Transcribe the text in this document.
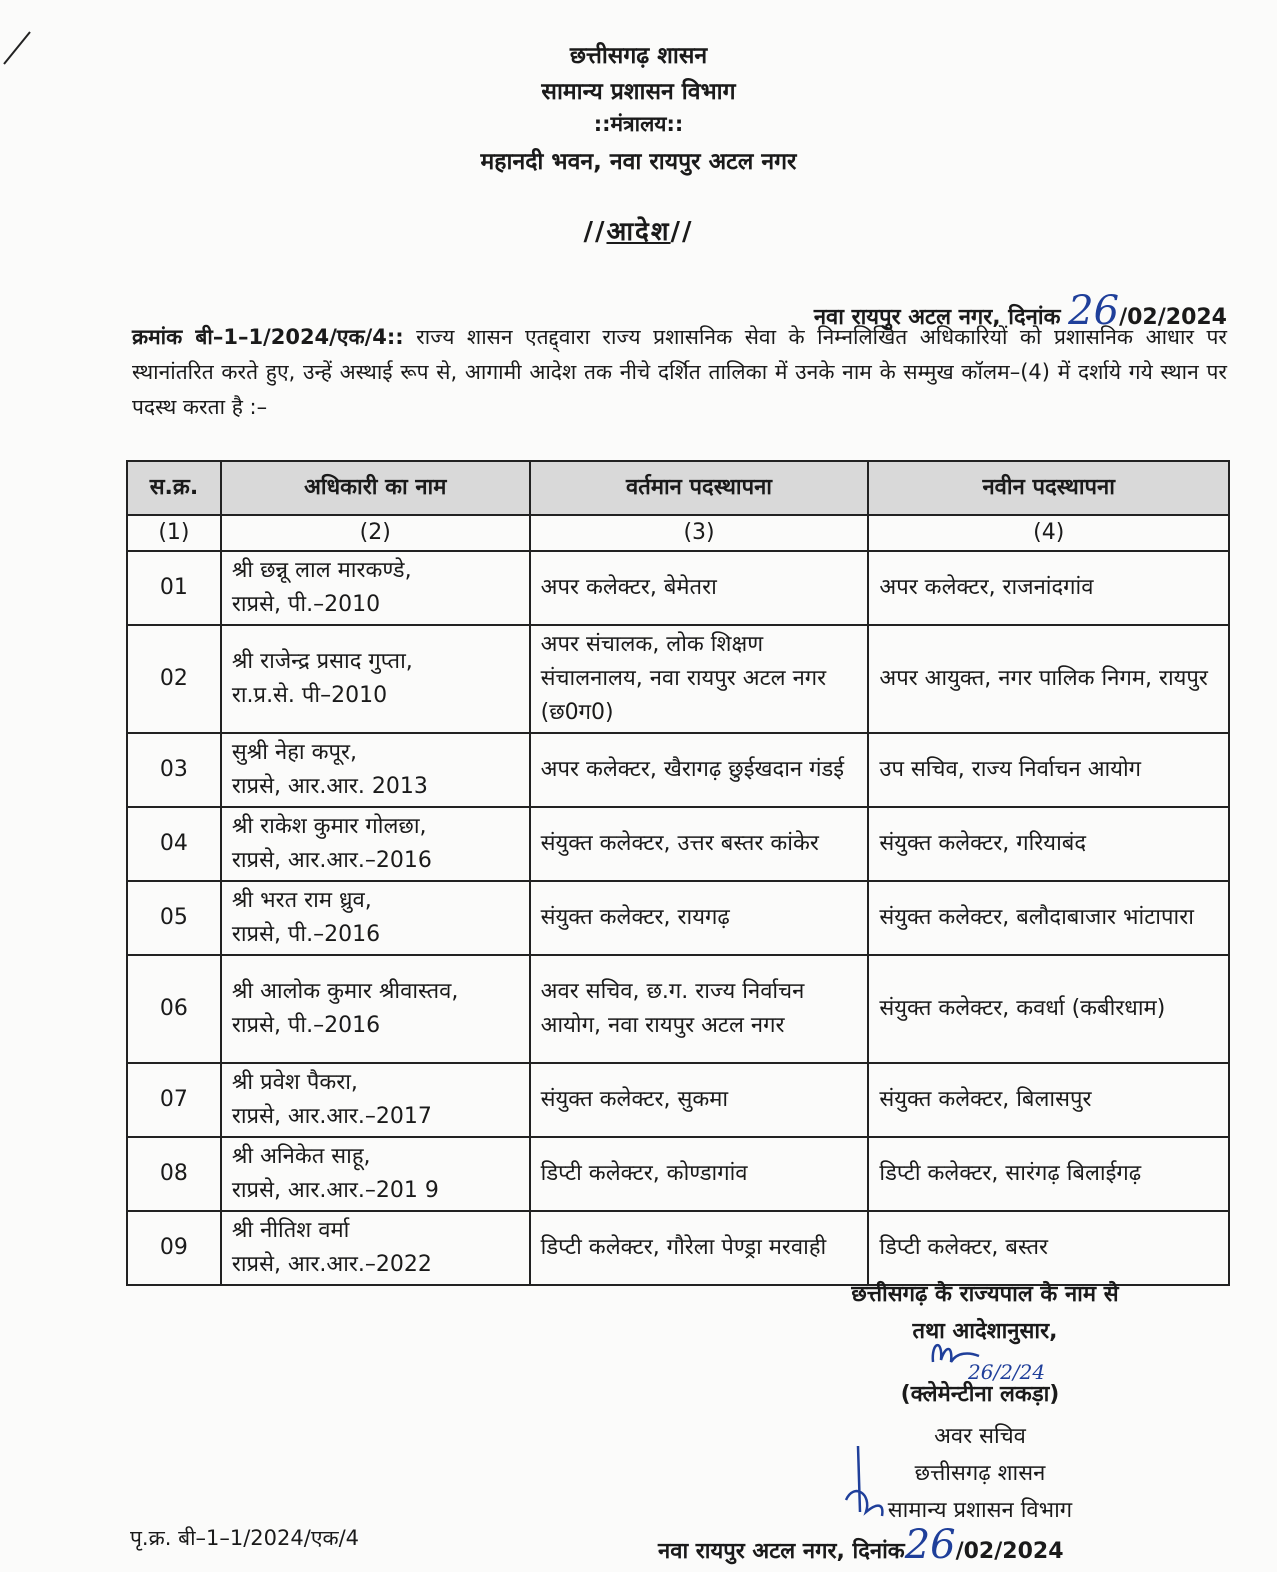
छत्तीसगढ़ शासन
सामान्य प्रशासन विभाग
::मंत्रालय::
महानदी भवन, नवा रायपुर अटल नगर
//आदेश//
नवा रायपुर अटल नगर, दिनांक 26/02/2024
क्रमांक बी–1–1/2024/एक/4:: राज्य शासन एतद्द्वारा राज्य प्रशासनिक सेवा के निम्नलिखित अधिकारियों को प्रशासनिक आधार पर स्थानांतरित करते हुए, उन्हें अस्थाई रूप से, आगामी आदेश तक नीचे दर्शित तालिका में उनके नाम के सम्मुख कॉलम–(4) में दर्शाये गये स्थान पर पदस्थ करता है :–
स.क्र.	अधिकारी का नाम	वर्तमान पदस्थापना	नवीन पदस्थापना
(1)	(2)	(3)	(4)

01	श्री छन्नू लाल मारकण्डे,
राप्रसे, पी.–2010	अपर कलेक्टर, बेमेतरा	अपर कलेक्टर, राजनांदगांव

02	श्री राजेन्द्र प्रसाद गुप्ता,
रा.प्र.से. पी–2010	अपर संचालक, लोक शिक्षण संचालनालय, नवा रायपुर अटल नगर (छ0ग0)	अपर आयुक्त, नगर पालिक निगम, रायपुर

03	सुश्री नेहा कपूर,
राप्रसे, आर.आर. 2013	अपर कलेक्टर, खैरागढ़ छुईखदान गंडई	उप सचिव, राज्य निर्वाचन आयोग

04	श्री राकेश कुमार गोलछा,
राप्रसे, आर.आर.–2016	संयुक्त कलेक्टर, उत्तर बस्तर कांकेर	संयुक्त कलेक्टर, गरियाबंद

05	श्री भरत राम ध्रुव,
राप्रसे, पी.–2016	संयुक्त कलेक्टर, रायगढ़	संयुक्त कलेक्टर, बलौदाबाजार भांटापारा

06	श्री आलोक कुमार श्रीवास्तव,
राप्रसे, पी.–2016	अवर सचिव, छ.ग. राज्य निर्वाचन आयोग, नवा रायपुर अटल नगर	संयुक्त कलेक्टर, कवर्धा (कबीरधाम)

07	श्री प्रवेश पैकरा,
राप्रसे, आर.आर.–2017	संयुक्त कलेक्टर, सुकमा	संयुक्त कलेक्टर, बिलासपुर

08	श्री अनिकेत साहू,
राप्रसे, आर.आर.–201 9	डिप्टी कलेक्टर, कोण्डागांव	डिप्टी कलेक्टर, सारंगढ़ बिलाईगढ़

09	श्री नीतिश वर्मा
राप्रसे, आर.आर.–2022	डिप्टी कलेक्टर, गौरेला पेण्ड्रा मरवाही	डिप्टी कलेक्टर, बस्तर
छत्तीसगढ़ के राज्यपाल के नाम से
तथा आदेशानुसार,
26/2/24
(क्लेमेन्टीना लकड़ा)
अवर सचिव
छत्तीसगढ़ शासन
सामान्य प्रशासन विभाग
पृ.क्र. बी–1–1/2024/एक/4
नवा रायपुर अटल नगर, दिनांक26/02/2024
